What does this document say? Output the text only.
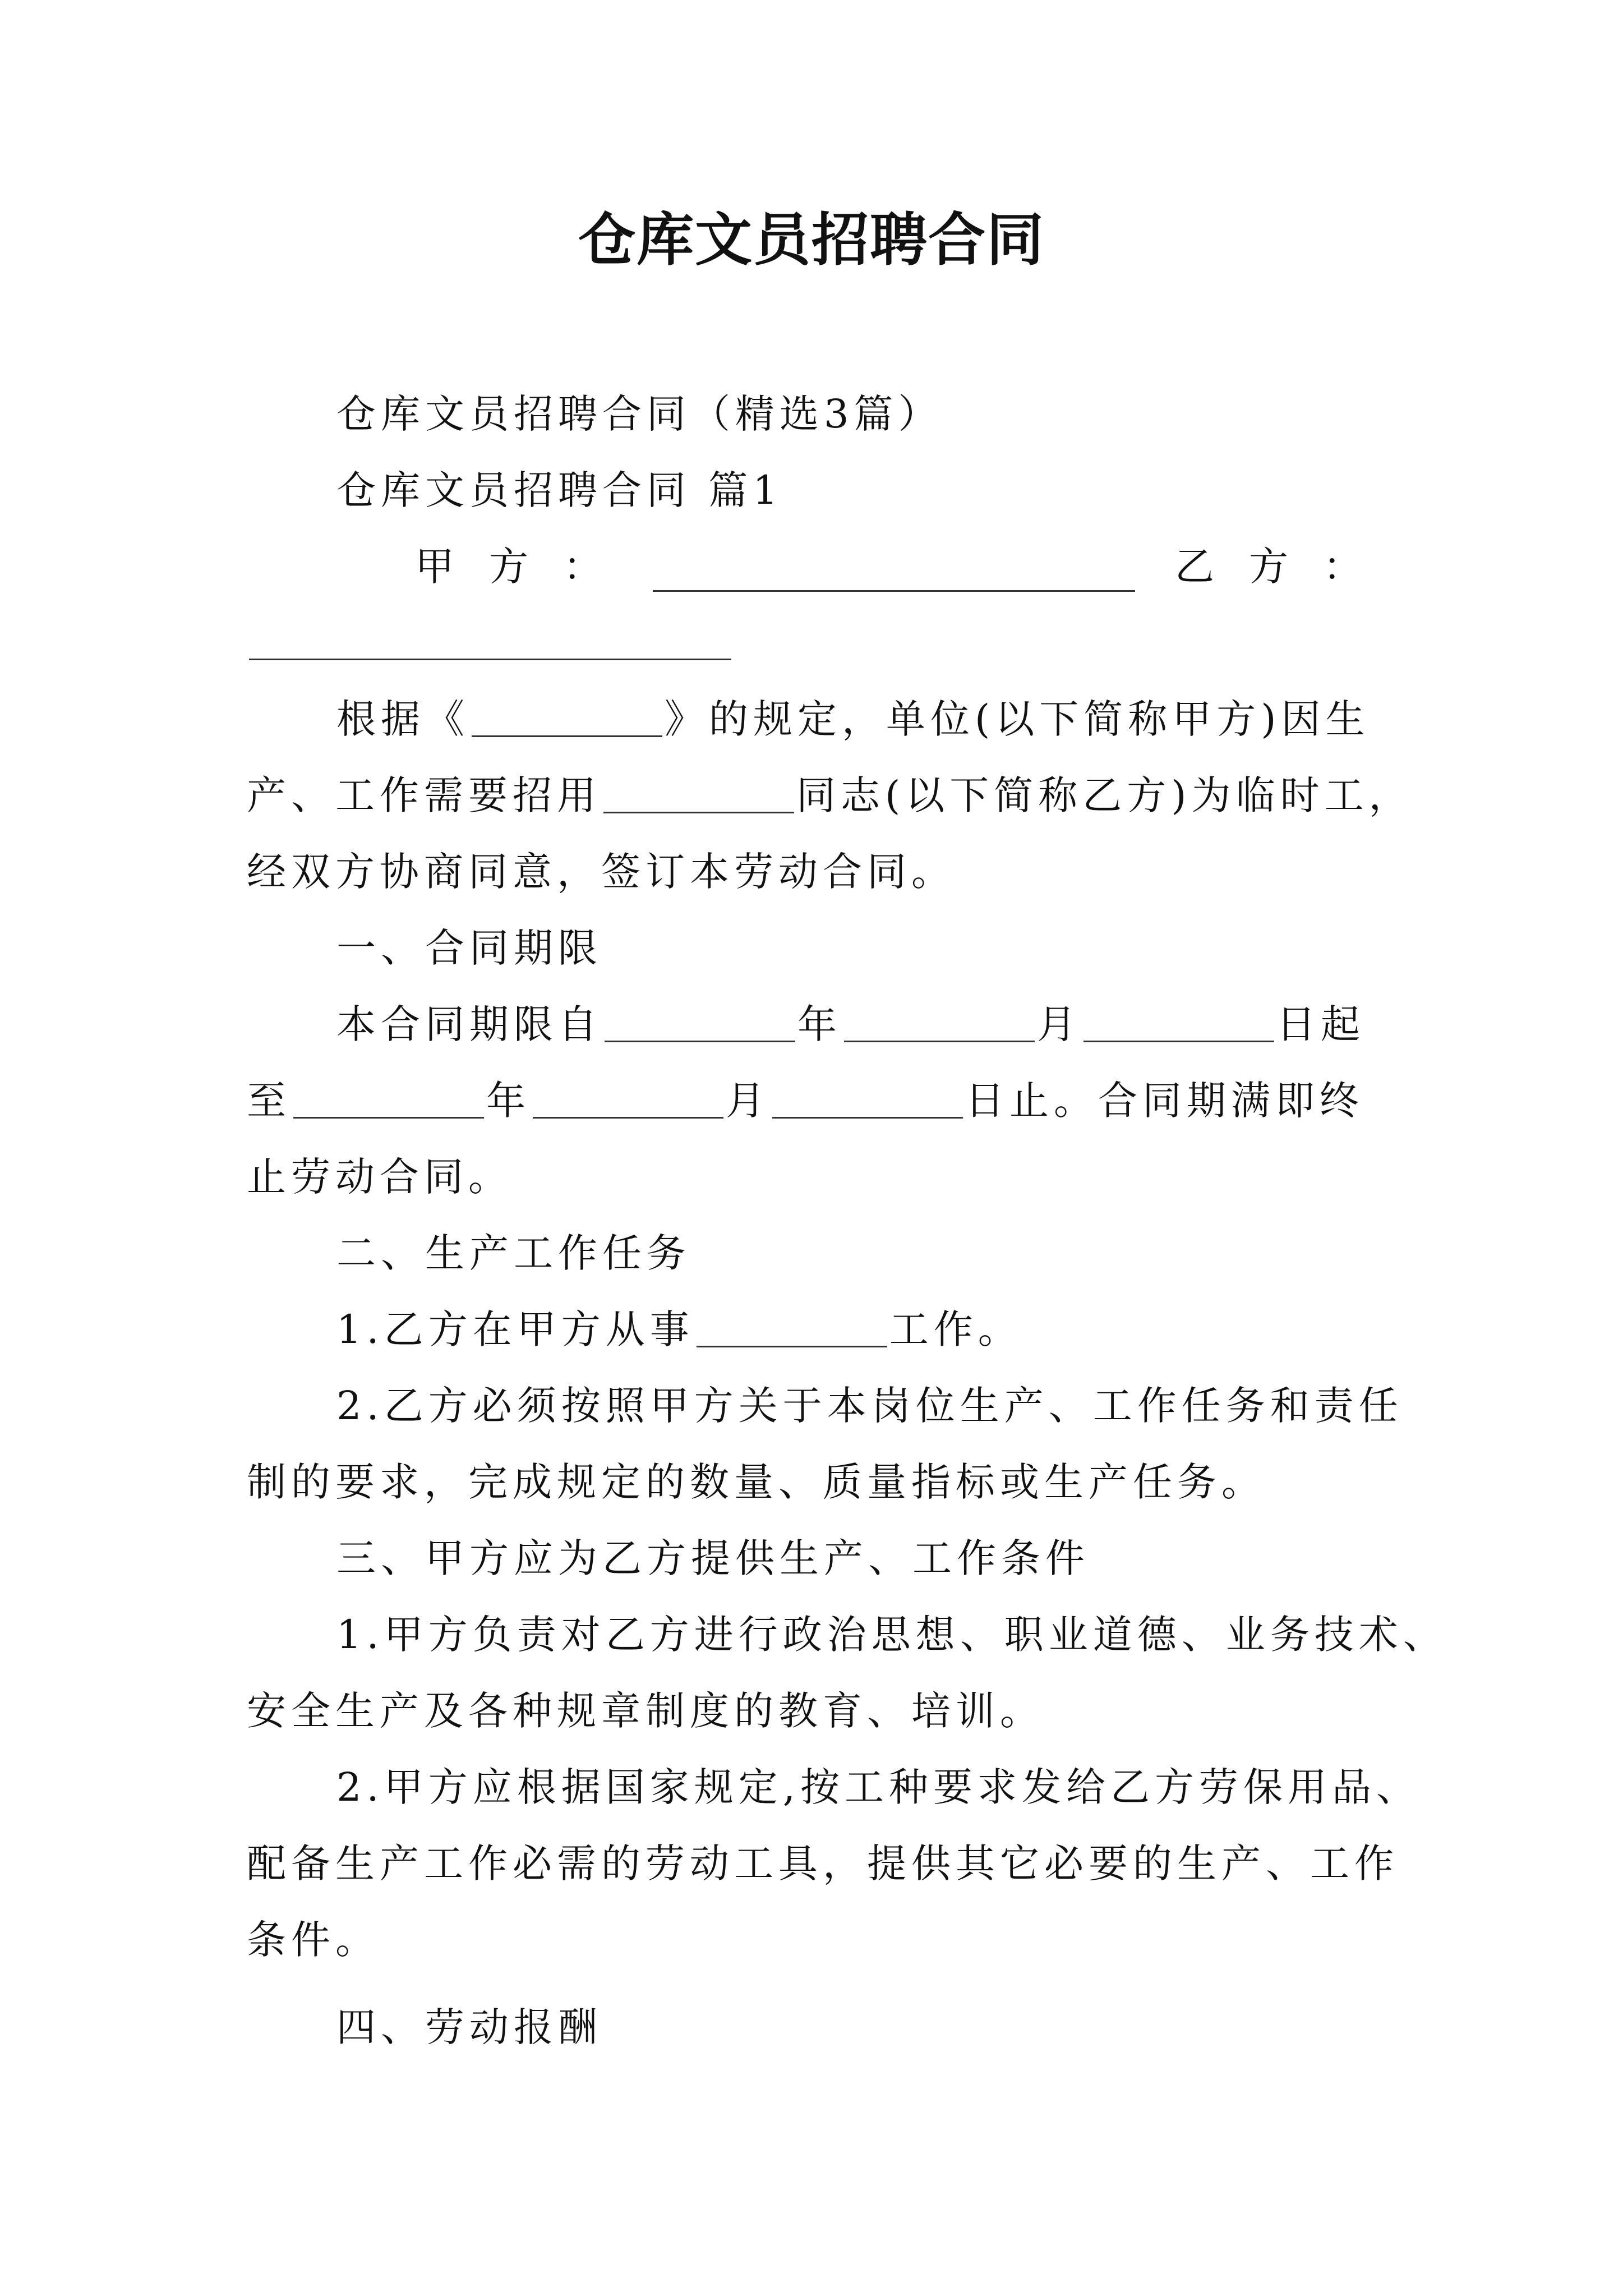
仓库文员招聘合同
仓库文员招聘合同（精选3篇）
仓库文员招聘合同 篇1
甲方：	乙方：
根据《	》的规定，单位(以下简称甲方)因生
产、工作需要招用	同志(以下简称乙方)为临时工，
经双方协商同意，签订本劳动合同。
一、合同期限
本合同期限自	年	月	日起
至	年	月	日止。合同期满即终
止劳动合同。
二、生产工作任务
1.乙方在甲方从事	工作。
2.乙方必须按照甲方关于本岗位生产、工作任务和责任
制的要求，完成规定的数量、质量指标或生产任务。
三、甲方应为乙方提供生产、工作条件
1.甲方负责对乙方进行政治思想、职业道德、业务技术、
安全生产及各种规章制度的教育、培训。
2.甲方应根据国家规定,按工种要求发给乙方劳保用品、
配备生产工作必需的劳动工具，提供其它必要的生产、工作
条件。
四、劳动报酬
